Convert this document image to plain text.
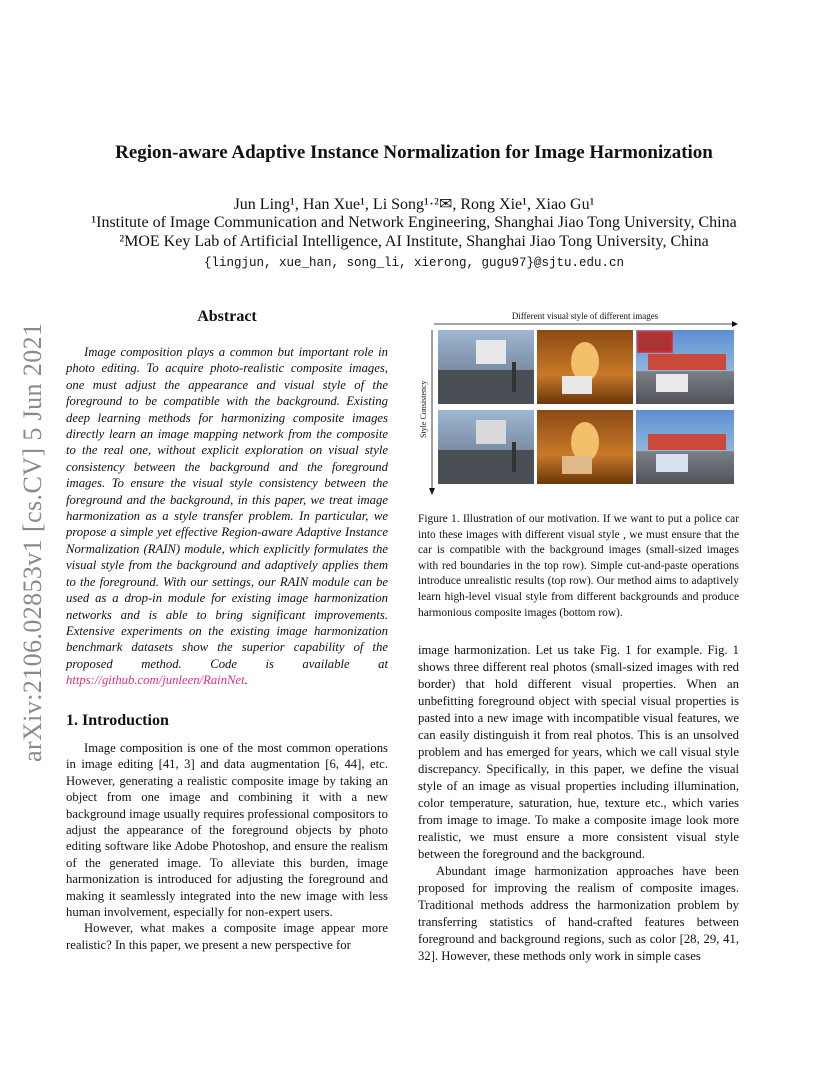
Region-aware Adaptive Instance Normalization for Image Harmonization
Jun Ling¹, Han Xue¹, Li Song¹·²✉, Rong Xie¹, Xiao Gu¹
¹Institute of Image Communication and Network Engineering, Shanghai Jiao Tong University, China
²MOE Key Lab of Artificial Intelligence, AI Institute, Shanghai Jiao Tong University, China
{lingjun, xue_han, song_li, xierong, gugu97}@sjtu.edu.cn
arXiv:2106.02853v1 [cs.CV] 5 Jun 2021
Abstract
Image composition plays a common but important role in photo editing. To acquire photo-realistic composite images, one must adjust the appearance and visual style of the foreground to be compatible with the background. Existing deep learning methods for harmonizing composite images directly learn an image mapping network from the composite to the real one, without explicit exploration on visual style consistency between the background and the foreground images. To ensure the visual style consistency between the foreground and the background, in this paper, we treat image harmonization as a style transfer problem. In particular, we propose a simple yet effective Region-aware Adaptive Instance Normalization (RAIN) module, which explicitly formulates the visual style from the background and adaptively applies them to the foreground. With our settings, our RAIN module can be used as a drop-in module for existing image harmonization networks and is able to bring significant improvements. Extensive experiments on the existing image harmonization benchmark datasets show the superior capability of the proposed method. Code is available at https://github.com/junleen/RainNet.
1. Introduction

Image composition is one of the most common operations in image editing [41, 3] and data augmentation [6, 44], etc. However, generating a realistic composite image by taking an object from one image and combining it with a new background image usually requires professional compositors to adjust the appearance of the foreground objects by photo editing software like Adobe Photoshop, and ensure the realism of the generated image. To alleviate this burden, image harmonization is introduced for adjusting the foreground and making it seamlessly integrated into the new image with less human involvement, especially for non-expert users.

However, what makes a composite image appear more realistic? In this paper, we present a new perspective for

Different visual style of different images
Style Consistency
Figure 1. Illustration of our motivation. If we want to put a police car into these images with different visual style , we must ensure that the car is compatible with the background images (small-sized images with red boundaries in the top row). Simple cut-and-paste operations introduce unrealistic results (top row). Our method aims to adaptively learn high-level visual style from different backgrounds and produce harmonious composite images (bottom row).

image harmonization. Let us take Fig. 1 for example. Fig. 1 shows three different real photos (small-sized images with red border) that hold different visual properties. When an unbefitting foreground object with special visual properties is pasted into a new image with incompatible visual features, we can easily distinguish it from real photos. This is an unsolved problem and has emerged for years, which we call visual style discrepancy. Specifically, in this paper, we define the visual style of an image as visual properties including illumination, color temperature, saturation, hue, texture etc., which varies from image to image. To make a composite image look more realistic, we must ensure a more consistent visual style between the foreground and the background.

Abundant image harmonization approaches have been proposed for improving the realism of composite images. Traditional methods address the harmonization problem by transferring statistics of hand-crafted features between foreground and background regions, such as color [28, 29, 41, 32]. However, these methods only work in simple cases
